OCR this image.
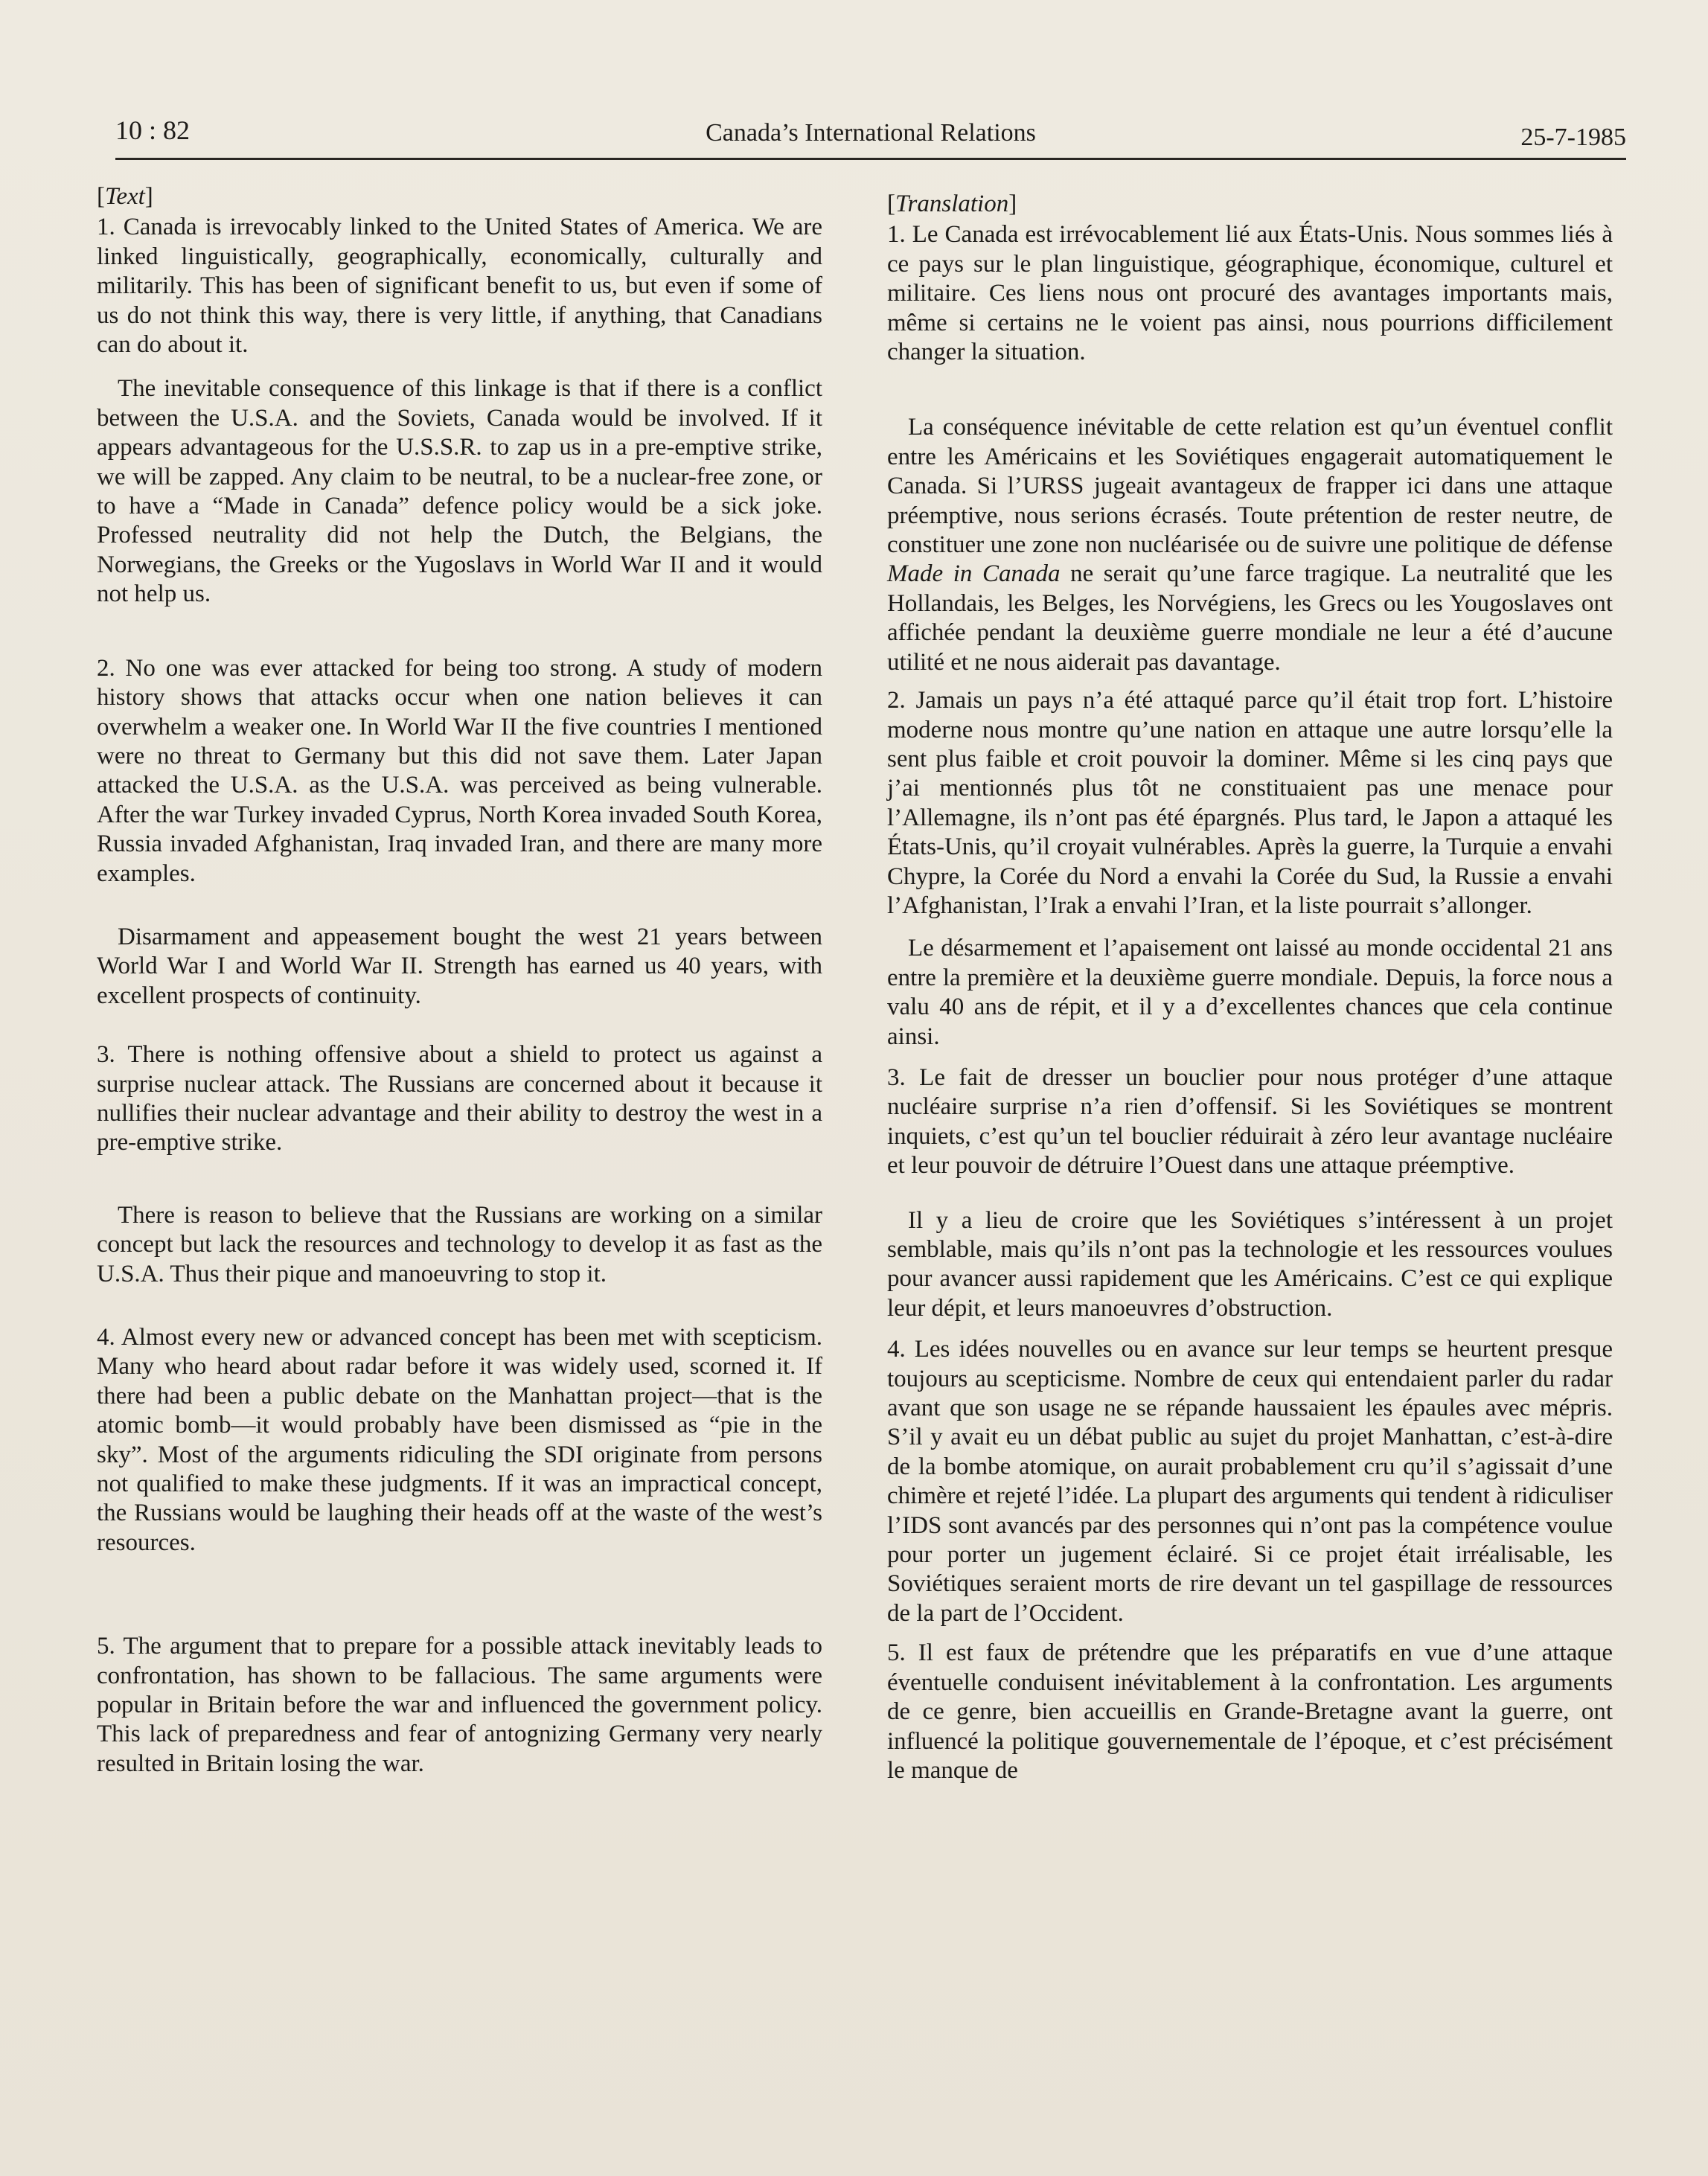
10 : 82	Canada’s International Relations	25-7-1985

[Text]

1. Canada is irrevocably linked to the United States of America. We are linked linguistically, geographically, economically, culturally and militarily. This has been of significant benefit to us, but even if some of us do not think this way, there is very little, if anything, that Canadians can do about it.

The inevitable consequence of this linkage is that if there is a conflict between the U.S.A. and the Soviets, Canada would be involved. If it appears advantageous for the U.S.S.R. to zap us in a pre-emptive strike, we will be zapped. Any claim to be neutral, to be a nuclear-free zone, or to have a “Made in Canada” defence policy would be a sick joke. Professed neutrality did not help the Dutch, the Belgians, the Norwegians, the Greeks or the Yugoslavs in World War II and it would not help us.

2. No one was ever attacked for being too strong. A study of modern history shows that attacks occur when one nation believes it can overwhelm a weaker one. In World War II the five countries I mentioned were no threat to Germany but this did not save them. Later Japan attacked the U.S.A. as the U.S.A. was perceived as being vulnerable. After the war Turkey invaded Cyprus, North Korea invaded South Korea, Russia invaded Afghanistan, Iraq invaded Iran, and there are many more examples.

Disarmament and appeasement bought the west 21 years between World War I and World War II. Strength has earned us 40 years, with excellent prospects of continuity.

3. There is nothing offensive about a shield to protect us against a surprise nuclear attack. The Russians are concerned about it because it nullifies their nuclear advantage and their ability to destroy the west in a pre-emptive strike.

There is reason to believe that the Russians are working on a similar concept but lack the resources and technology to develop it as fast as the U.S.A. Thus their pique and manoeuvring to stop it.

4. Almost every new or advanced concept has been met with scepticism. Many who heard about radar before it was widely used, scorned it. If there had been a public debate on the Manhattan project—that is the atomic bomb—it would probably have been dismissed as “pie in the sky”. Most of the arguments ridiculing the SDI originate from persons not qualified to make these judgments. If it was an impractical concept, the Russians would be laughing their heads off at the waste of the west’s resources.

5. The argument that to prepare for a possible attack inevitably leads to confrontation, has shown to be fallacious. The same arguments were popular in Britain before the war and influenced the government policy. This lack of preparedness and fear of antognizing Germany very nearly resulted in Britain losing the war.

[Translation]

1. Le Canada est irrévocablement lié aux États-Unis. Nous sommes liés à ce pays sur le plan linguistique, géographique, économique, culturel et militaire. Ces liens nous ont procuré des avantages importants mais, même si certains ne le voient pas ainsi, nous pourrions difficilement changer la situation.

La conséquence inévitable de cette relation est qu’un éventuel conflit entre les Américains et les Soviétiques engagerait automatiquement le Canada. Si l’URSS jugeait avantageux de frapper ici dans une attaque préemptive, nous serions écrasés. Toute prétention de rester neutre, de constituer une zone non nucléarisée ou de suivre une politique de défense Made in Canada ne serait qu’une farce tragique. La neutralité que les Hollandais, les Belges, les Norvégiens, les Grecs ou les Yougoslaves ont affichée pendant la deuxième guerre mondiale ne leur a été d’aucune utilité et ne nous aiderait pas davantage.

2. Jamais un pays n’a été attaqué parce qu’il était trop fort. L’histoire moderne nous montre qu’une nation en attaque une autre lorsqu’elle la sent plus faible et croit pouvoir la dominer. Même si les cinq pays que j’ai mentionnés plus tôt ne constituaient pas une menace pour l’Allemagne, ils n’ont pas été épargnés. Plus tard, le Japon a attaqué les États-Unis, qu’il croyait vulnérables. Après la guerre, la Turquie a envahi Chypre, la Corée du Nord a envahi la Corée du Sud, la Russie a envahi l’Afghanistan, l’Irak a envahi l’Iran, et la liste pourrait s’allonger.

Le désarmement et l’apaisement ont laissé au monde occidental 21 ans entre la première et la deuxième guerre mondiale. Depuis, la force nous a valu 40 ans de répit, et il y a d’excellentes chances que cela continue ainsi.

3. Le fait de dresser un bouclier pour nous protéger d’une attaque nucléaire surprise n’a rien d’offensif. Si les Soviétiques se montrent inquiets, c’est qu’un tel bouclier réduirait à zéro leur avantage nucléaire et leur pouvoir de détruire l’Ouest dans une attaque préemptive.

Il y a lieu de croire que les Soviétiques s’intéressent à un projet semblable, mais qu’ils n’ont pas la technologie et les ressources voulues pour avancer aussi rapidement que les Américains. C’est ce qui explique leur dépit, et leurs manoeuvres d’obstruction.

4. Les idées nouvelles ou en avance sur leur temps se heurtent presque toujours au scepticisme. Nombre de ceux qui entendaient parler du radar avant que son usage ne se répande haussaient les épaules avec mépris. S’il y avait eu un débat public au sujet du projet Manhattan, c’est-à-dire de la bombe atomique, on aurait probablement cru qu’il s’agissait d’une chimère et rejeté l’idée. La plupart des arguments qui tendent à ridiculiser l’IDS sont avancés par des personnes qui n’ont pas la compétence voulue pour porter un jugement éclairé. Si ce projet était irréalisable, les Soviétiques seraient morts de rire devant un tel gaspillage de ressources de la part de l’Occident.

5. Il est faux de prétendre que les préparatifs en vue d’une attaque éventuelle conduisent inévitablement à la confrontation. Les arguments de ce genre, bien accueillis en Grande-Bretagne avant la guerre, ont influencé la politique gouvernementale de l’époque, et c’est précisément le manque de
